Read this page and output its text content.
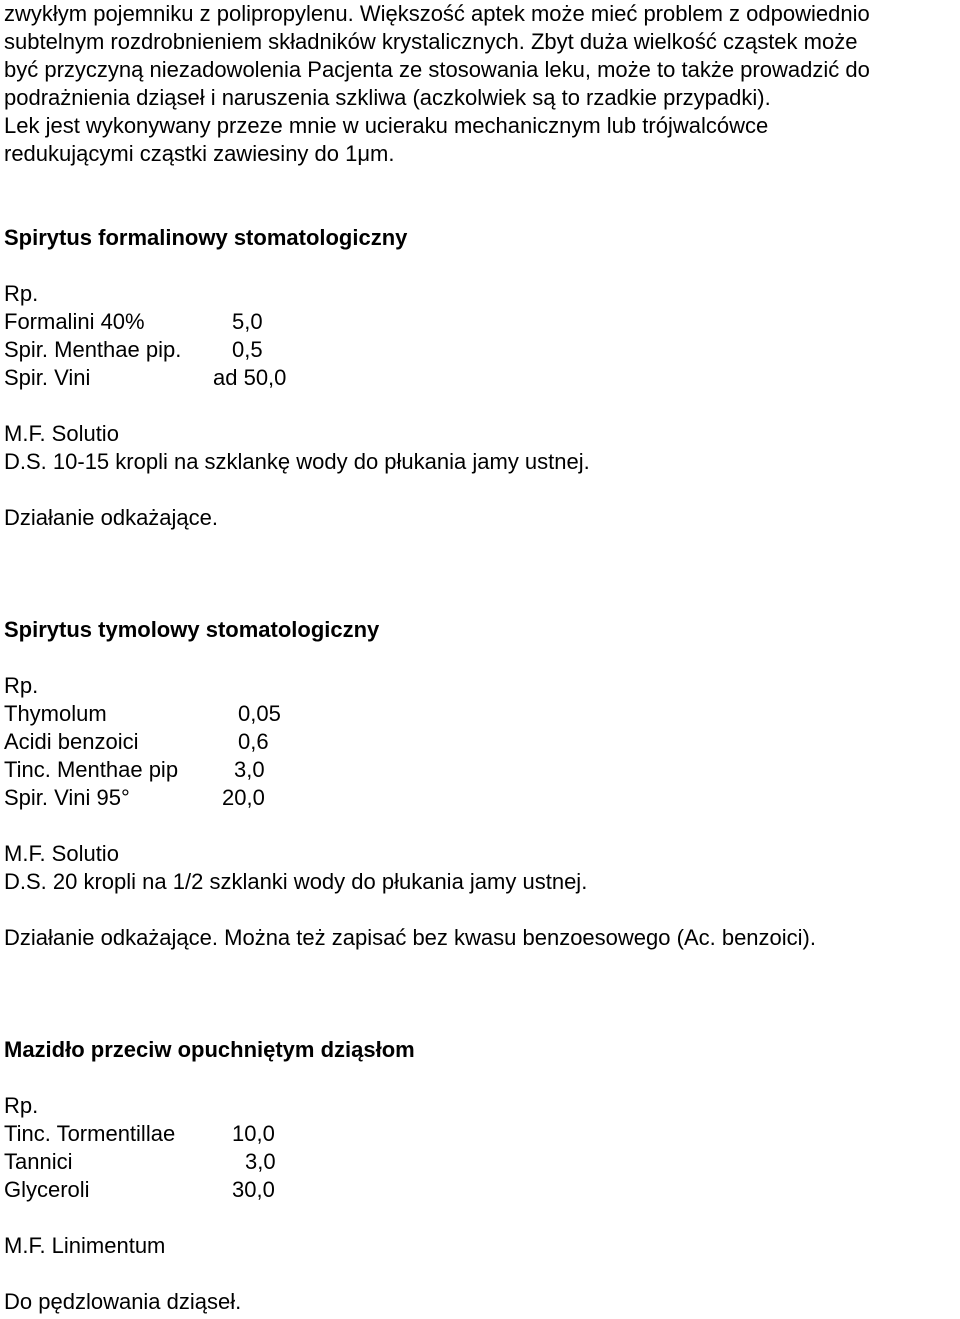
zwykłym pojemniku z polipropylenu. Większość aptek może mieć problem z odpowiednio
subtelnym rozdrobnieniem składników krystalicznych. Zbyt duża wielkość cząstek może
być przyczyną niezadowolenia Pacjenta ze stosowania leku, może to także prowadzić do
podrażnienia dziąseł i naruszenia szkliwa (aczkolwiek są to rzadkie przypadki).
Lek jest wykonywany przeze mnie w ucieraku mechanicznym lub trójwalcówce
redukującymi cząstki zawiesiny do 1μm.
Spirytus formalinowy stomatologiczny
Rp.
Formalini 40%	5,0
Spir. Menthae pip. 0,5
Spir. Vini	ad 50,0
M.F. Solutio
D.S. 10-15 kropli na szklankę wody do płukania jamy ustnej.
Działanie odkażające.
Spirytus tymolowy stomatologiczny
Rp.
Thymolum	0,05
Acidi benzoici	0,6
Tinc. Menthae pip	3,0
Spir. Vini 95°	20,0
M.F. Solutio
D.S. 20 kropli na 1/2 szklanki wody do płukania jamy ustnej.
Działanie odkażające. Można też zapisać bez kwasu benzoesowego (Ac. benzoici).
Mazidło przeciw opuchniętym dziąsłom
Rp.
Tinc. Tormentillae	10,0
Tannici	3,0
Glyceroli	30,0
M.F. Linimentum
Do pędzlowania dziąseł.
